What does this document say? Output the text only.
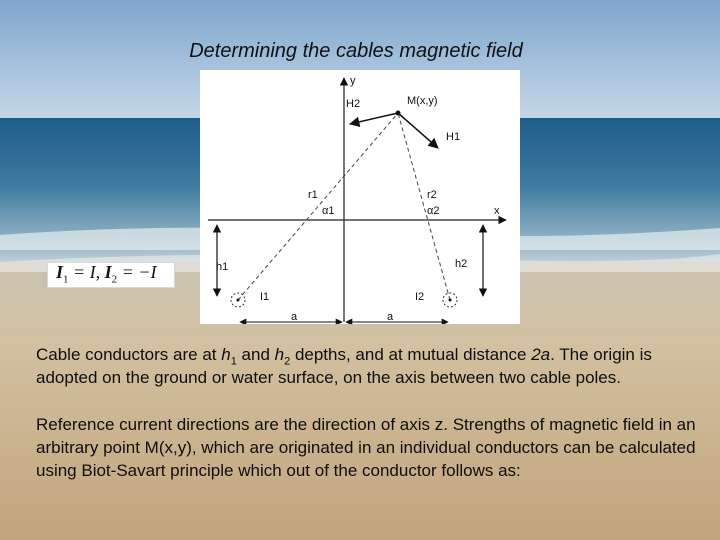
Determining the cables magnetic field
y
x
M(x,y)
H2
H1
r1	r2
α1	α2
h1	h2
I1	I2
a	a
$I_1 = I$, $I_2 = -I$

Cable conductors are at $h_1$ and $h_2$ depths, and at mutual distance 2a. The origin is adopted on the ground or water surface, on the axis between two cable poles.

Reference current directions are the direction of axis z. Strengths of magnetic field in an arbitrary point M(x,y), which are originated in an individual conductors can be calculated using Biot-Savart principle which out of the conductor follows as:
